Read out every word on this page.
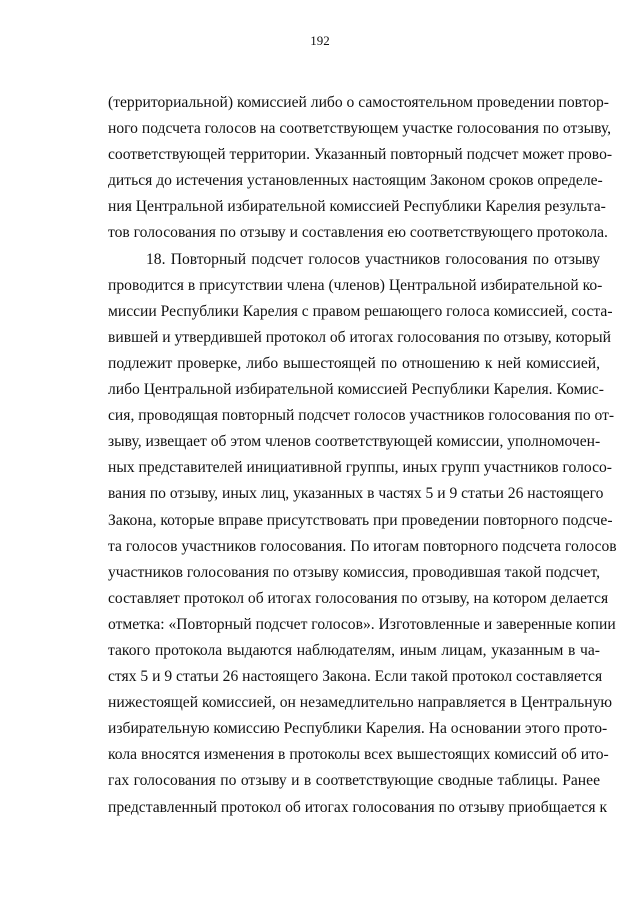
192
(территориальной) комиссией либо о самостоятельном проведении повтор-
ного подсчета голосов на соответствующем участке голосования по отзыву,
соответствующей территории. Указанный повторный подсчет может прово-
диться до истечения установленных настоящим Законом сроков определе-
ния Центральной избирательной комиссией Республики Карелия результа-
тов голосования по отзыву и составления ею соответствующего протокола.
18. Повторный подсчет голосов участников голосования по отзыву
проводится в присутствии члена (членов) Центральной избирательной ко-
миссии Республики Карелия с правом решающего голоса комиссией, соста-
вившей и утвердившей протокол об итогах голосования по отзыву, который
подлежит проверке, либо вышестоящей по отношению к ней комиссией,
либо Центральной избирательной комиссией Республики Карелия. Комис-
сия, проводящая повторный подсчет голосов участников голосования по от-
зыву, извещает об этом членов соответствующей комиссии, уполномочен-
ных представителей инициативной группы, иных групп участников голосо-
вания по отзыву, иных лиц, указанных в частях 5 и 9 статьи 26 настоящего
Закона, которые вправе присутствовать при проведении повторного подсче-
та голосов участников голосования. По итогам повторного подсчета голосов
участников голосования по отзыву комиссия, проводившая такой подсчет,
составляет протокол об итогах голосования по отзыву, на котором делается
отметка: «Повторный подсчет голосов». Изготовленные и заверенные копии
такого протокола выдаются наблюдателям, иным лицам, указанным в ча-
стях 5 и 9 статьи 26 настоящего Закона. Если такой протокол составляется
нижестоящей комиссией, он незамедлительно направляется в Центральную
избирательную комиссию Республики Карелия. На основании этого прото-
кола вносятся изменения в протоколы всех вышестоящих комиссий об ито-
гах голосования по отзыву и в соответствующие сводные таблицы. Ранее
представленный протокол об итогах голосования по отзыву приобщается к
